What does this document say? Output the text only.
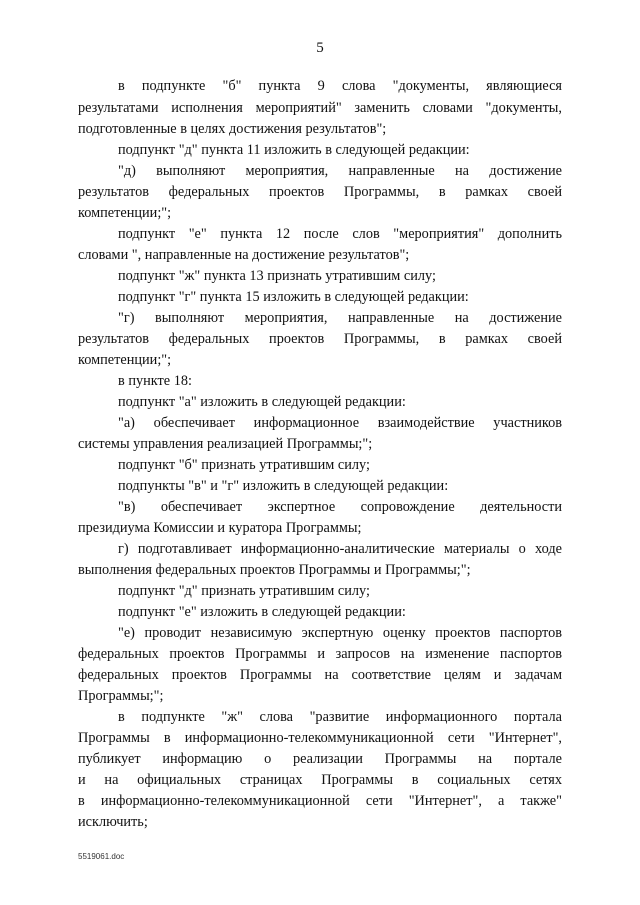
5
в подпункте "б" пункта 9 слова "документы, являющиеся
результатами исполнения мероприятий" заменить словами "документы,
подготовленные в целях достижения результатов";
подпункт "д" пункта 11 изложить в следующей редакции:
"д) выполняют мероприятия, направленные на достижение
результатов федеральных проектов Программы, в рамках своей
компетенции;";
подпункт "е" пункта 12 после слов "мероприятия" дополнить
словами ", направленные на достижение результатов";
подпункт "ж" пункта 13 признать утратившим силу;
подпункт "г" пункта 15 изложить в следующей редакции:
"г) выполняют мероприятия, направленные на достижение
результатов федеральных проектов Программы, в рамках своей
компетенции;";
в пункте 18:
подпункт "а" изложить в следующей редакции:
"а) обеспечивает информационное взаимодействие участников
системы управления реализацией Программы;";
подпункт "б" признать утратившим силу;
подпункты "в" и "г" изложить в следующей редакции:
"в) обеспечивает экспертное сопровождение деятельности
президиума Комиссии и куратора Программы;
г) подготавливает информационно-аналитические материалы о ходе
выполнения федеральных проектов Программы и Программы;";
подпункт "д" признать утратившим силу;
подпункт "е" изложить в следующей редакции:
"е) проводит независимую экспертную оценку проектов паспортов
федеральных проектов Программы и запросов на изменение паспортов
федеральных проектов Программы на соответствие целям и задачам
Программы;";
в подпункте "ж" слова "развитие информационного портала
Программы в информационно-телекоммуникационной сети "Интернет",
публикует информацию о реализации Программы на портале
и на официальных страницах Программы в социальных сетях
в информационно-телекоммуникационной сети "Интернет", а также"
исключить;
5519061.doc
